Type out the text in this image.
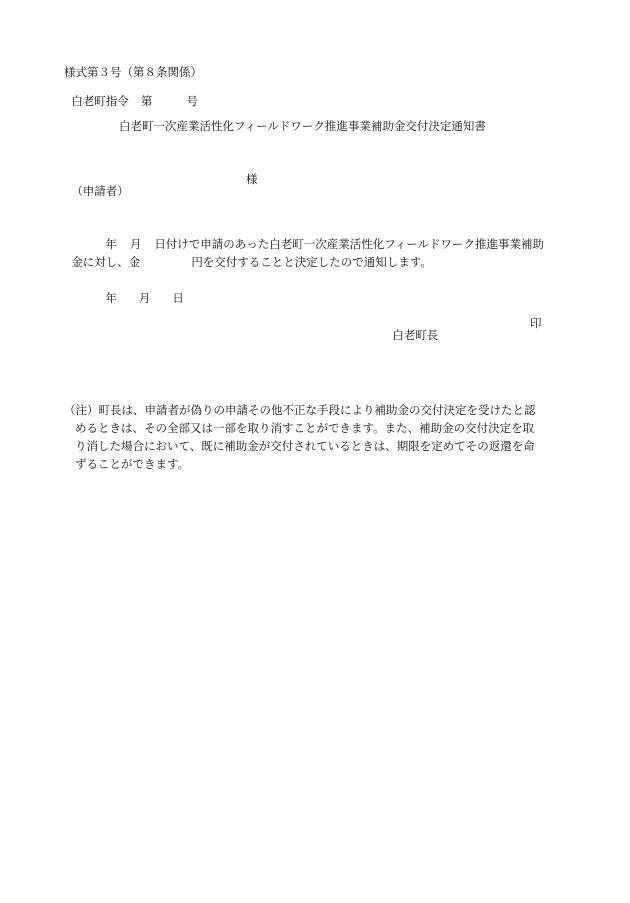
様式第３号（第８条関係）

白老町指令 第	号

白老町一次産業活性化フィールドワーク推進事業補助金交付決定通知書

（申請者）

様

年 月 日付けで申請のあった白老町一次産業活性化フィールドワーク推進事業補助

金に対し、金	円を交付することと決定したので通知します。

年 月 日

白老町長

印

（注）町長は、申請者が偽りの申請その他不正な手段により補助金の交付決定を受けたと認
めるときは、その全部又は一部を取り消すことができます。また、補助金の交付決定を取
り消した場合において、既に補助金が交付されているときは、期限を定めてその返還を命
ずることができます。
